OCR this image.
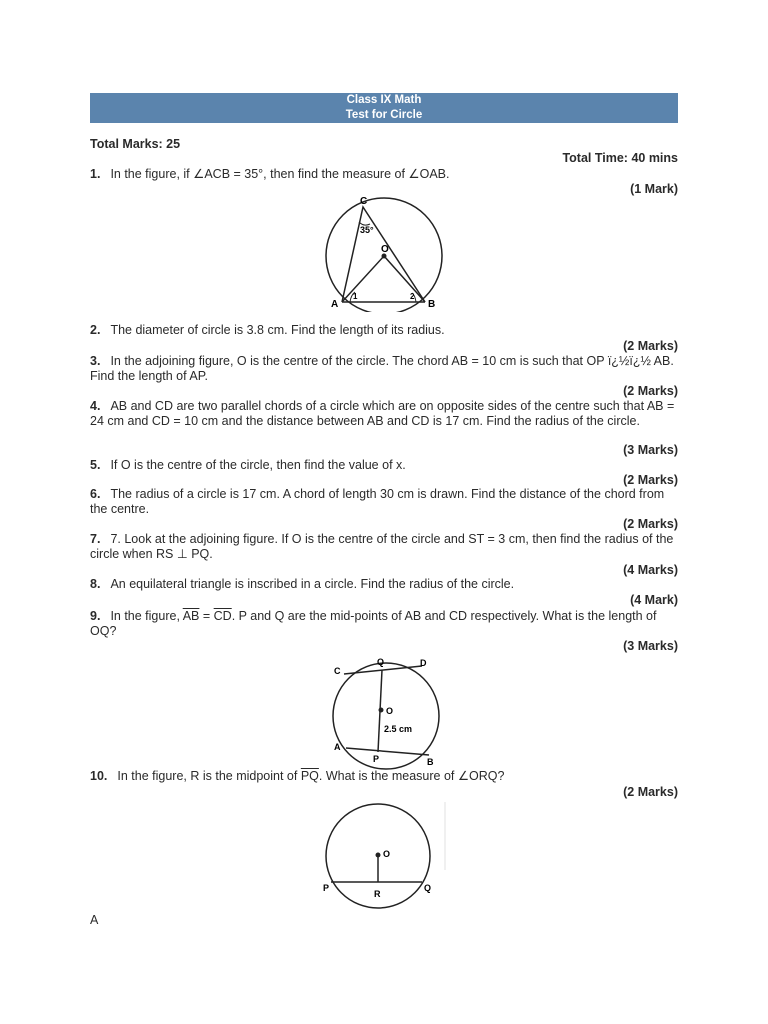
Class IX Math
Test for Circle
Total Marks: 25
Total Time: 40 mins
1. In the figure, if ∠ACB = 35°, then find the measure of ∠OAB.
(1 Mark)
C
O
A	B
35°
1	2
2. The diameter of circle is 3.8 cm. Find the length of its radius.
(2 Marks)
3. In the adjoining figure, O is the centre of the circle. The chord AB = 10 cm is such that OP ï¿½ï¿½ AB. Find the length of AP.
(2 Marks)
4. AB and CD are two parallel chords of a circle which are on opposite sides of the centre such that AB = 24 cm and CD = 10 cm and the distance between AB and CD is 17 cm. Find the radius of the circle.
(3 Marks)
5. If O is the centre of the circle, then find the value of x.
(2 Marks)
6. The radius of a circle is 17 cm. A chord of length 30 cm is drawn. Find the distance of the chord from the centre.
(2 Marks)
7. 7. Look at the adjoining figure. If O is the centre of the circle and ST = 3 cm, then find the radius of the circle when RS ⊥ PQ.
(4 Marks)
8. An equilateral triangle is inscribed in a circle. Find the radius of the circle.
(4 Mark)
9. In the figure, $\overline{AB} = \overline{CD}$. P and Q are the mid-points of AB and CD respectively. What is the length of OQ?
(3 Marks)
Q
C
D
O
2.5 cm
A
P	B
10. In the figure, R is the midpoint of $\overline{PQ}$. What is the measure of ∠ORQ?
(2 Marks)
O
P
R
Q
A
